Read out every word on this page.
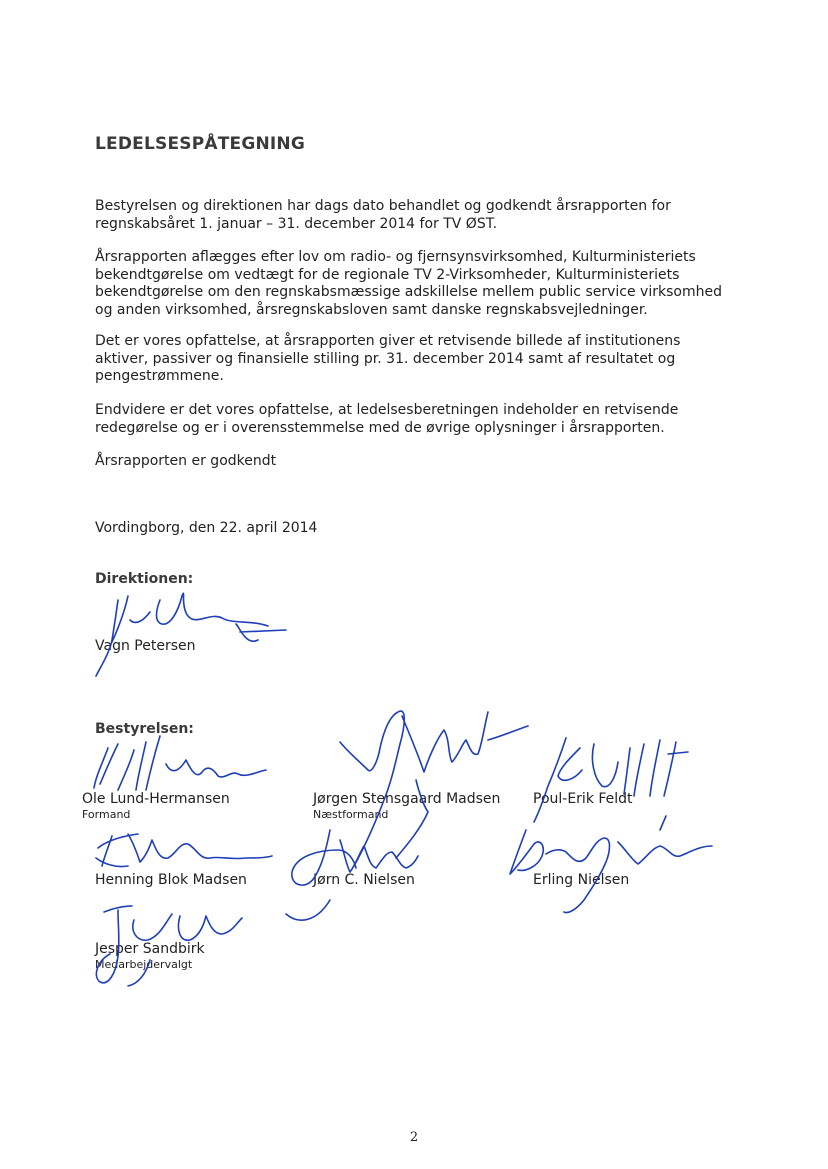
LEDELSESPÅTEGNING
Bestyrelsen og direktionen har dags dato behandlet og godkendt årsrapporten for
regnskabsåret 1. januar – 31. december 2014 for TV ØST.
Årsrapporten aflægges efter lov om radio- og fjernsynsvirksomhed, Kulturministeriets
bekendtgørelse om vedtægt for de regionale TV 2-Virksomheder, Kulturministeriets
bekendtgørelse om den regnskabsmæssige adskillelse mellem public service virksomhed
og anden virksomhed, årsregnskabsloven samt danske regnskabsvejledninger.
Det er vores opfattelse, at årsrapporten giver et retvisende billede af institutionens
aktiver, passiver og finansielle stilling pr. 31. december 2014 samt af resultatet og
pengestrømmene.
Endvidere er det vores opfattelse, at ledelsesberetningen indeholder en retvisende
redegørelse og er i overensstemmelse med de øvrige oplysninger i årsrapporten.
Årsrapporten er godkendt
Vordingborg, den 22. april 2014
Direktionen:
Bestyrelsen:
Vagn Petersen
Ole Lund-Hermansen
Formand
Jørgen Stensgaard Madsen
Næstformand
Poul-Erik Feldt
Henning Blok Madsen	Jørn C. Nielsen	Erling Nielsen
Jesper Sandbirk
Medarbejdervalgt
2
